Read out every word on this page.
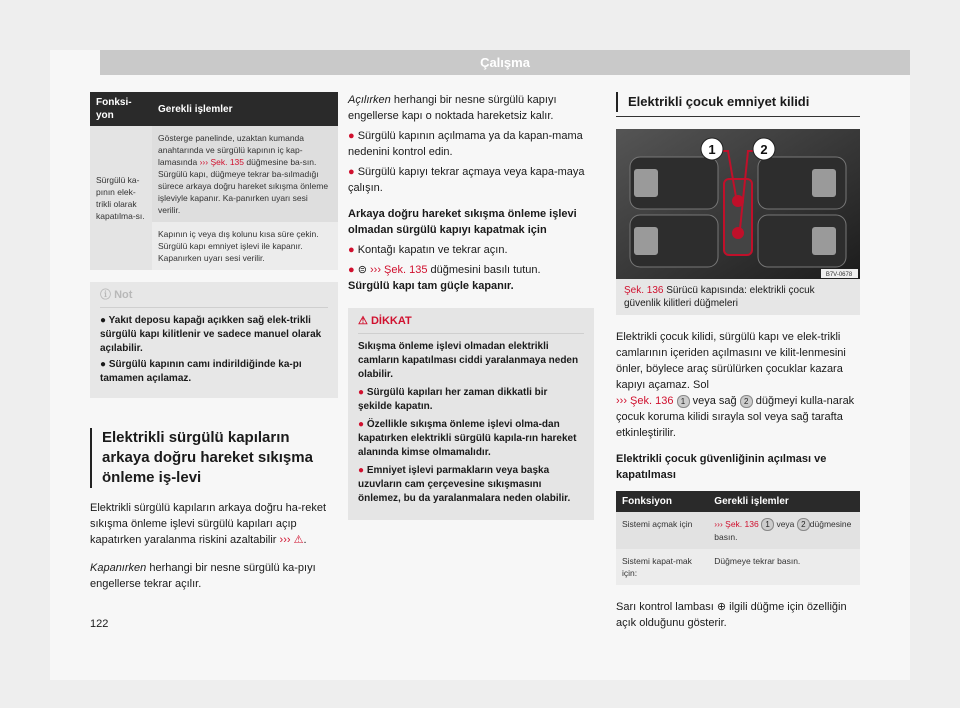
Çalışma
Fonksi-yon	Gerekli işlemler
Sürgülü ka-pının elek-trikli olarak kapatılma-sı.	Gösterge panelinde, uzaktan kumanda anahtarında ve sürgülü kapının iç kap-lamasında ››› Şek. 135 düğmesine ba-sın. Sürgülü kapı, düğmeye tekrar ba-sılmadığı sürece arkaya doğru hareket sıkışma önleme işleviyle kapanır. Ka-panırken uyarı sesi verilir.
	Kapının iç veya dış kolunu kısa süre çekin. Sürgülü kapı emniyet işlevi ile kapanır. Kapanırken uyarı sesi verilir.
ⓘ Not

● Yakıt deposu kapağı açıkken sağ elek-trikli sürgülü kapı kilitlenir ve sadece manuel olarak açılabilir.

● Sürgülü kapının camı indirildiğinde ka-pı tamamen açılamaz.

Elektrikli sürgülü kapıların arkaya doğru hareket sıkışma önleme iş-levi

Elektrikli sürgülü kapıların arkaya doğru ha-reket sıkışma önleme işlevi sürgülü kapıları açıp kapatırken yaralanma riskini azaltabilir ››› ⚠.

Kapanırken herhangi bir nesne sürgülü ka-pıyı engellerse tekrar açılır.

Açılırken herhangi bir nesne sürgülü kapıyı engellerse kapı o noktada hareketsiz kalır.

● Sürgülü kapının açılmama ya da kapan-mama nedenini kontrol edin.

● Sürgülü kapıyı tekrar açmaya veya kapa-maya çalışın.

Arkaya doğru hareket sıkışma önleme işlevi olmadan sürgülü kapıyı kapatmak için

● Kontağı kapatın ve tekrar açın.

● ⊜ ››› Şek. 135 düğmesini basılı tutun.
Sürgülü kapı tam güçle kapanır.

⚠ DİKKAT

Sıkışma önleme işlevi olmadan elektrikli camların kapatılması ciddi yaralanmaya neden olabilir.

● Sürgülü kapıları her zaman dikkatli bir şekilde kapatın.

● Özellikle sıkışma önleme işlevi olma-dan kapatırken elektrikli sürgülü kapıla-rın hareket alanında kimse olmamalıdır.

● Emniyet işlevi parmakların veya başka uzuvların cam çerçevesine sıkışmasını önlemez, bu da yaralanmalara neden olabilir.

Elektrikli çocuk emniyet kilidi
1	2
B7V-0678
Şek. 136 Sürücü kapısında: elektrikli çocuk güvenlik kilitleri düğmeleri

Elektrikli çocuk kilidi, sürgülü kapı ve elek-trikli camlarının içeriden açılmasını ve kilit-lenmesini önler, böylece araç sürülürken çocuklar kazara kapıyı açamaz. Sol
››› Şek. 136 1 veya sağ 2 düğmeyi kulla-narak çocuk koruma kilidi sırayla sol veya sağ tarafta etkinleştirilir.

Elektrikli çocuk güvenliğinin açılması ve kapatılması
Fonksiyon	Gerekli işlemler
Sistemi açmak için	››› Şek. 136 1 veya 2 düğmesine basın.
Sistemi kapat-mak için:	Düğmeye tekrar basın.

Sarı kontrol lambası ⊕ ilgili düğme için özelliğin açık olduğunu gösterir.

122
